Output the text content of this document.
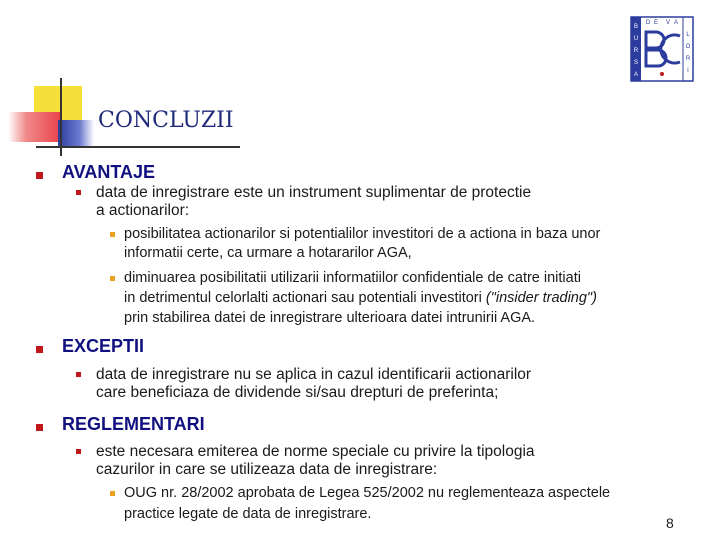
CONCLUZII
B
U
R
S
A
D E V A
L
O
R
I
AVANTAJE
data de inregistrare este un instrument suplimentar de protectie
a actionarilor:
posibilitatea actionarilor si potentialilor investitori de a actiona in baza unor
informatii certe, ca urmare a hotararilor AGA,
diminuarea posibilitatii utilizarii informatiilor confidentiale de catre initiati
in detrimentul celorlalti actionari sau potentiali investitori ("insider trading")
prin stabilirea datei de inregistrare ulterioara datei intrunirii AGA.
EXCEPTII
data de inregistrare nu se aplica in cazul identificarii actionarilor
care beneficiaza de dividende si/sau drepturi de preferinta;
REGLEMENTARI
este necesara emiterea de norme speciale cu privire la tipologia
cazurilor in care se utilizeaza data de inregistrare:
OUG nr. 28/2002 aprobata de Legea 525/2002 nu reglementeaza aspectele
practice legate de data de inregistrare.
8
